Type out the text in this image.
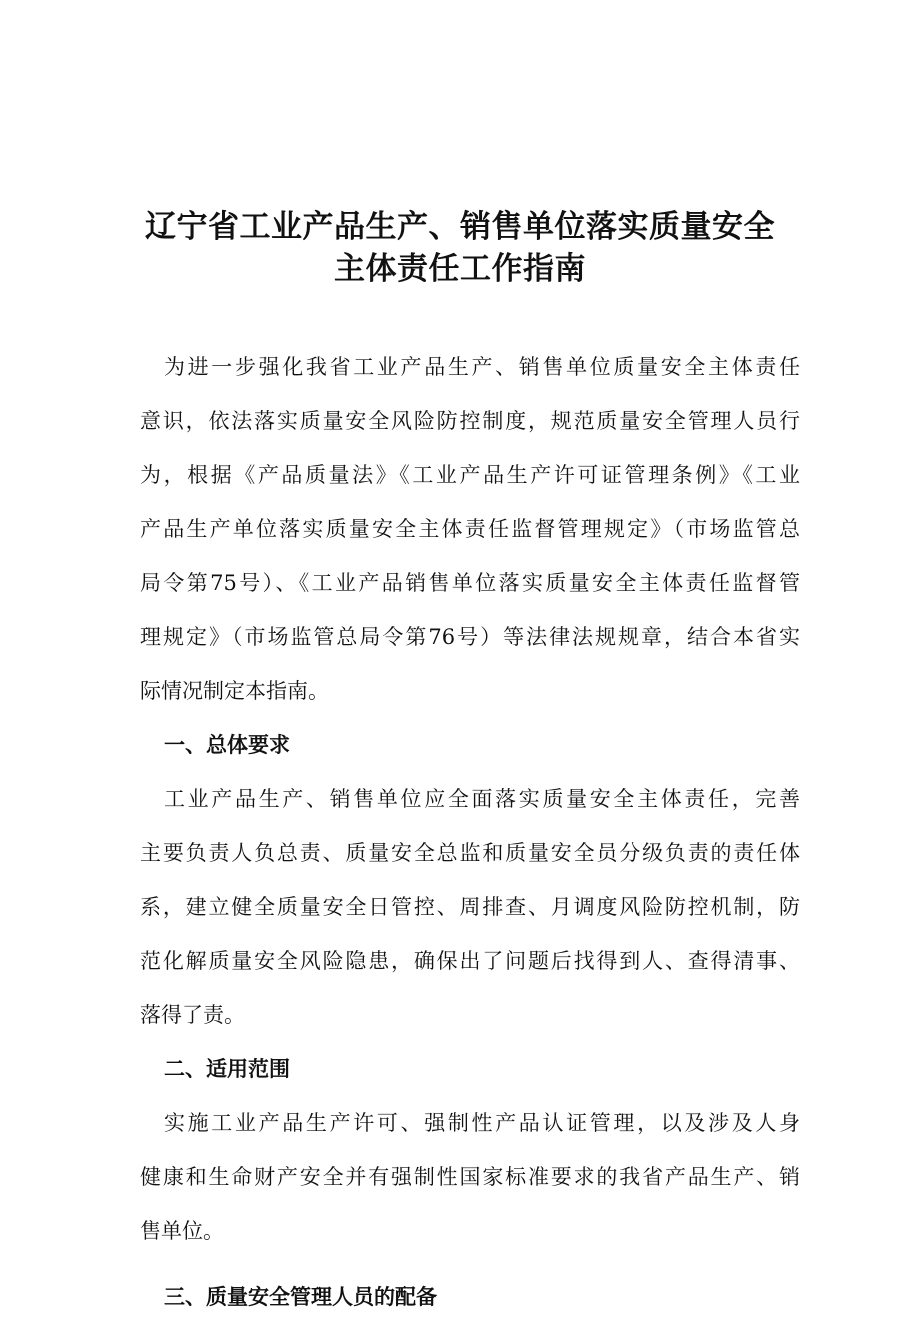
辽宁省工业产品生产、销售单位落实质量安全
主体责任工作指南
为进一步强化我省工业产品生产、销售单位质量安全主体责任
意识，依法落实质量安全风险防控制度，规范质量安全管理人员行
为，根据《产品质量法》《工业产品生产许可证管理条例》《工业
产品生产单位落实质量安全主体责任监督管理规定》（市场监管总
局令第75号）、《工业产品销售单位落实质量安全主体责任监督管
理规定》（市场监管总局令第76号）等法律法规规章，结合本省实
际情况制定本指南。
一、总体要求
工业产品生产、销售单位应全面落实质量安全主体责任，完善
主要负责人负总责、质量安全总监和质量安全员分级负责的责任体
系，建立健全质量安全日管控、周排查、月调度风险防控机制，防
范化解质量安全风险隐患，确保出了问题后找得到人、查得清事、
落得了责。
二、适用范围
实施工业产品生产许可、强制性产品认证管理，以及涉及人身
健康和生命财产安全并有强制性国家标准要求的我省产品生产、销
售单位。
三、质量安全管理人员的配备
